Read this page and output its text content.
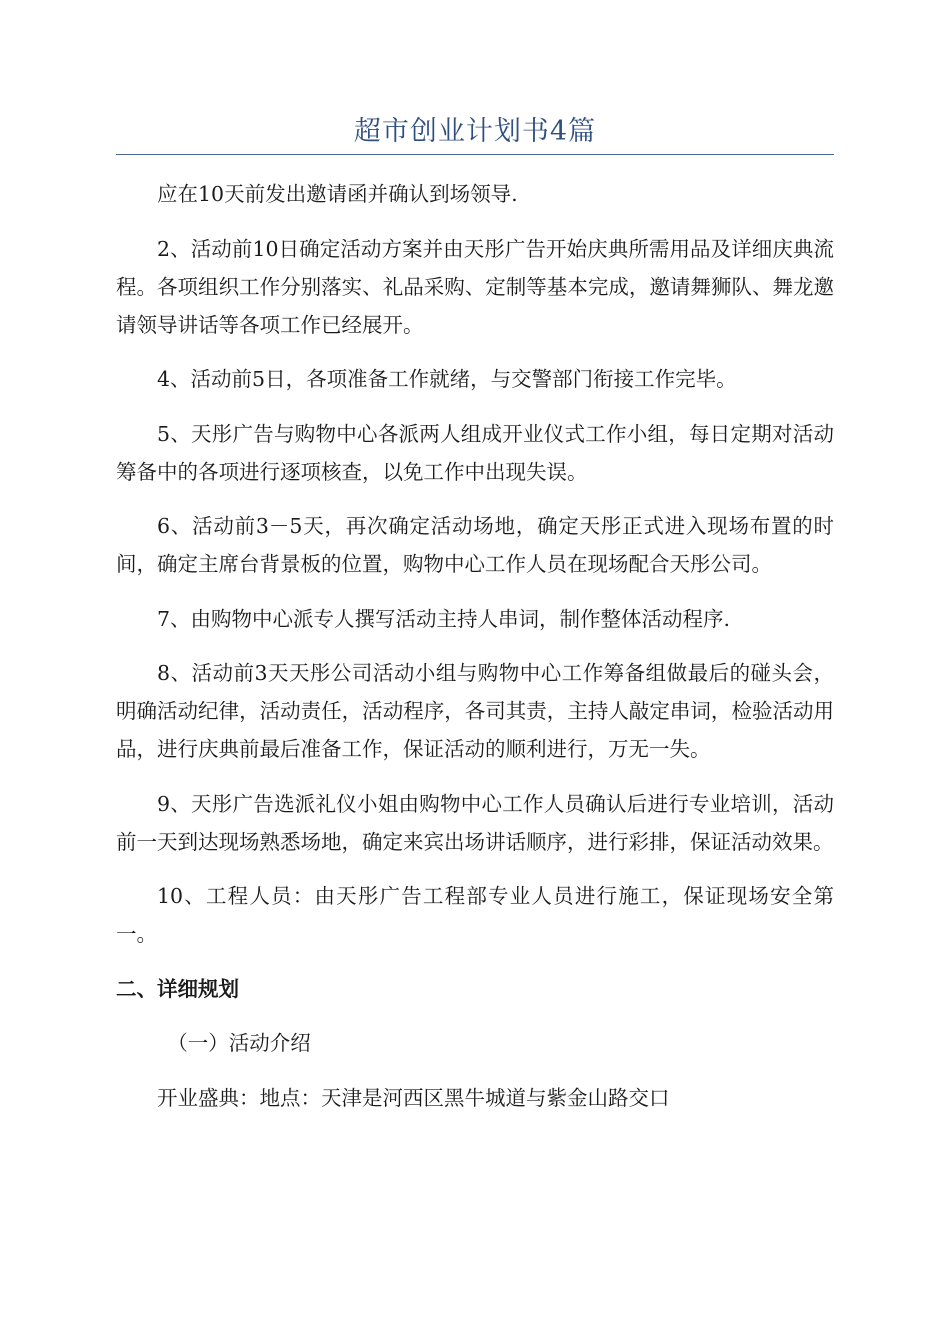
超市创业计划书4篇

应在10天前发出邀请函并确认到场领导.

2、活动前10日确定活动方案并由天彤广告开始庆典所需用品及详细庆典流程。各项组织工作分别落实、礼品采购、定制等基本完成，邀请舞狮队、舞龙邀请领导讲话等各项工作已经展开。

4、活动前5日，各项准备工作就绪，与交警部门衔接工作完毕。

5、天彤广告与购物中心各派两人组成开业仪式工作小组，每日定期对活动筹备中的各项进行逐项核查，以免工作中出现失误。

6、活动前3－5天，再次确定活动场地，确定天彤正式进入现场布置的时间，确定主席台背景板的位置，购物中心工作人员在现场配合天彤公司。

7、由购物中心派专人撰写活动主持人串词，制作整体活动程序.

8、活动前3天天彤公司活动小组与购物中心工作筹备组做最后的碰头会，明确活动纪律，活动责任，活动程序，各司其责，主持人敲定串词，检验活动用品，进行庆典前最后准备工作，保证活动的顺利进行，万无一失。

9、天彤广告选派礼仪小姐由购物中心工作人员确认后进行专业培训，活动前一天到达现场熟悉场地，确定来宾出场讲话顺序，进行彩排，保证活动效果。

10、工程人员：由天彤广告工程部专业人员进行施工，保证现场安全第一。

二、详细规划

（一）活动介绍

开业盛典：地点：天津是河西区黑牛城道与紫金山路交口
